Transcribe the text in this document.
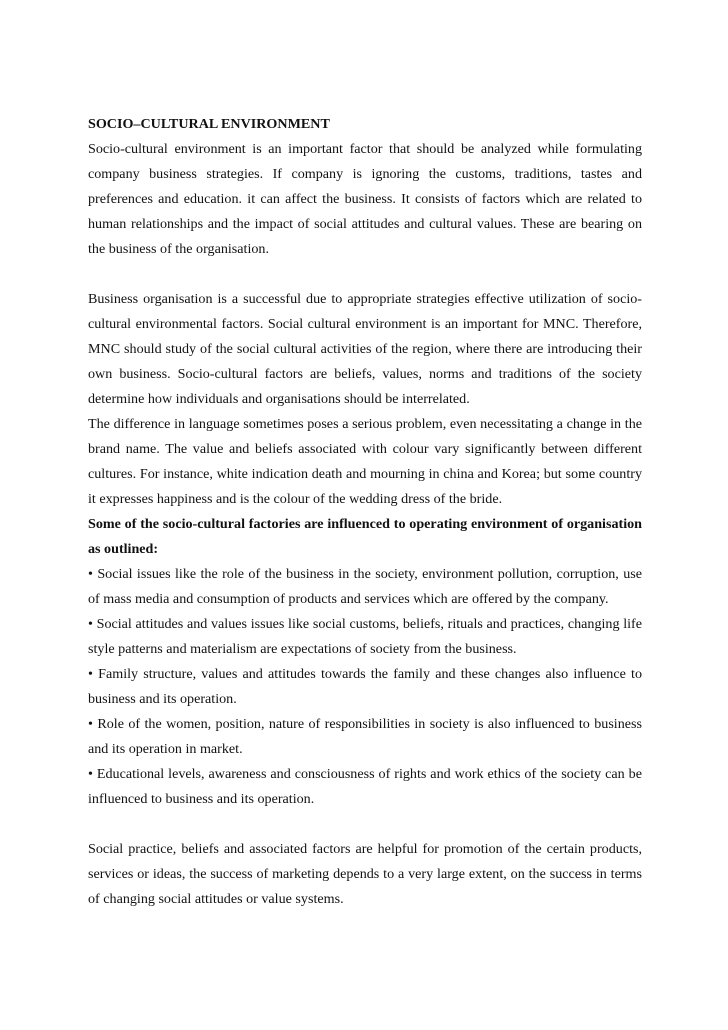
SOCIO–CULTURAL ENVIRONMENT

Socio-cultural environment is an important factor that should be analyzed while formulating company business strategies. If company is ignoring the customs, traditions, tastes and preferences and education. it can affect the business. It consists of factors which are related to human relationships and the impact of social attitudes and cultural values. These are bearing on the business of the organisation.

Business organisation is a successful due to appropriate strategies effective utilization of socio-cultural environmental factors. Social cultural environment is an important for MNC. Therefore, MNC should study of the social cultural activities of the region, where there are introducing their own business. Socio-cultural factors are beliefs, values, norms and traditions of the society determine how individuals and organisations should be interrelated.

The difference in language sometimes poses a serious problem, even necessitating a change in the brand name. The value and beliefs associated with colour vary significantly between different cultures. For instance, white indication death and mourning in china and Korea; but some country it expresses happiness and is the colour of the wedding dress of the bride.

Some of the socio-cultural factories are influenced to operating environment of organisation as outlined:

• Social issues like the role of the business in the society, environment pollution, corruption, use of mass media and consumption of products and services which are offered by the company.

• Social attitudes and values issues like social customs, beliefs, rituals and practices, changing life style patterns and materialism are expectations of society from the business.

• Family structure, values and attitudes towards the family and these changes also influence to business and its operation.

• Role of the women, position, nature of responsibilities in society is also influenced to business and its operation in market.

• Educational levels, awareness and consciousness of rights and work ethics of the society can be influenced to business and its operation.

Social practice, beliefs and associated factors are helpful for promotion of the certain products, services or ideas, the success of marketing depends to a very large extent, on the success in terms of changing social attitudes or value systems.
